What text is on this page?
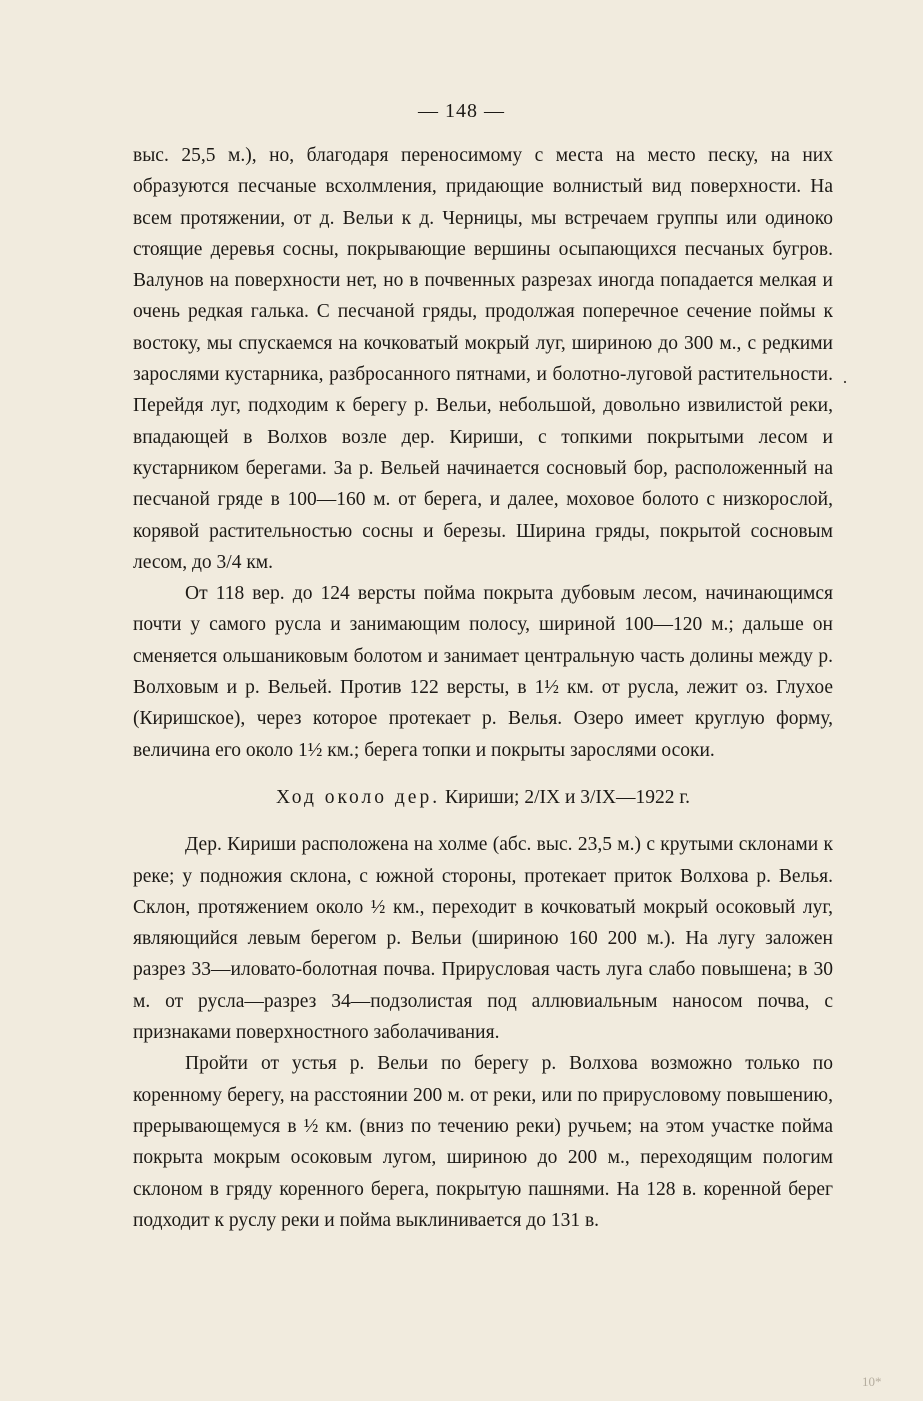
— 148 —

выс. 25,5 м.), но, благодаря переносимому с места на место песку, на них образуются песчаные всхолмления, придающие волнистый вид поверхности. На всем протяжении, от д. Вельи к д. Черницы, мы встречаем группы или одиноко стоящие деревья сосны, покрывающие вершины осыпающихся песчаных бугров. Валунов на поверхности нет, но в почвенных разрезах иногда попадается мелкая и очень редкая галька. С песчаной гряды, продолжая поперечное сечение поймы к востоку, мы спускаемся на кочковатый мокрый луг, шириною до 300 м., с редкими зарослями кустарника, разбросанного пятнами, и болотно-луговой растительности. Перейдя луг, подходим к берегу р. Вельи, небольшой, довольно извилистой реки, впадающей в Волхов возле дер. Кириши, с топкими покрытыми лесом и кустарником берегами. За р. Вельей начинается сосновый бор, расположенный на песчаной гряде в 100—160 м. от берега, и далее, моховое болото с низкорослой, корявой растительностью сосны и березы. Ширина гряды, покрытой сосновым лесом, до 3/4 км.

От 118 вер. до 124 версты пойма покрыта дубовым лесом, начинающимся почти у самого русла и занимающим полосу, шириной 100—120 м.; дальше он сменяется ольшаниковым болотом и занимает центральную часть долины между р. Волховым и р. Вельей. Против 122 версты, в 1½ км. от русла, лежит оз. Глухое (Киришское), через которое протекает р. Велья. Озеро имеет круглую форму, величина его около 1½ км.; берега топки и покрыты зарослями осоки.

Ход около дер. Кириши; 2/IX и 3/IX—1922 г.

Дер. Кириши расположена на холме (абс. выс. 23,5 м.) с крутыми склонами к реке; у подножия склона, с южной стороны, протекает приток Волхова р. Велья. Склон, протяжением около ½ км., переходит в кочковатый мокрый осоковый луг, являющийся левым берегом р. Вельи (шириною 160 200 м.). На лугу заложен разрез 33—иловато-болотная почва. Прирусловая часть луга слабо повышена; в 30 м. от русла—разрез 34—подзолистая под аллювиальным наносом почва, с признаками поверхностного заболачивания.

Пройти от устья р. Вельи по берегу р. Волхова возможно только по коренному берегу, на расстоянии 200 м. от реки, или по прирусловому повышению, прерывающемуся в ½ км. (вниз по течению реки) ручьем; на этом участке пойма покрыта мокрым осоковым лугом, шириною до 200 м., переходящим пологим склоном в гряду коренного берега, покрытую пашнями. На 128 в. коренной берег подходит к руслу реки и пойма выклинивается до 131 в.

·
10*
